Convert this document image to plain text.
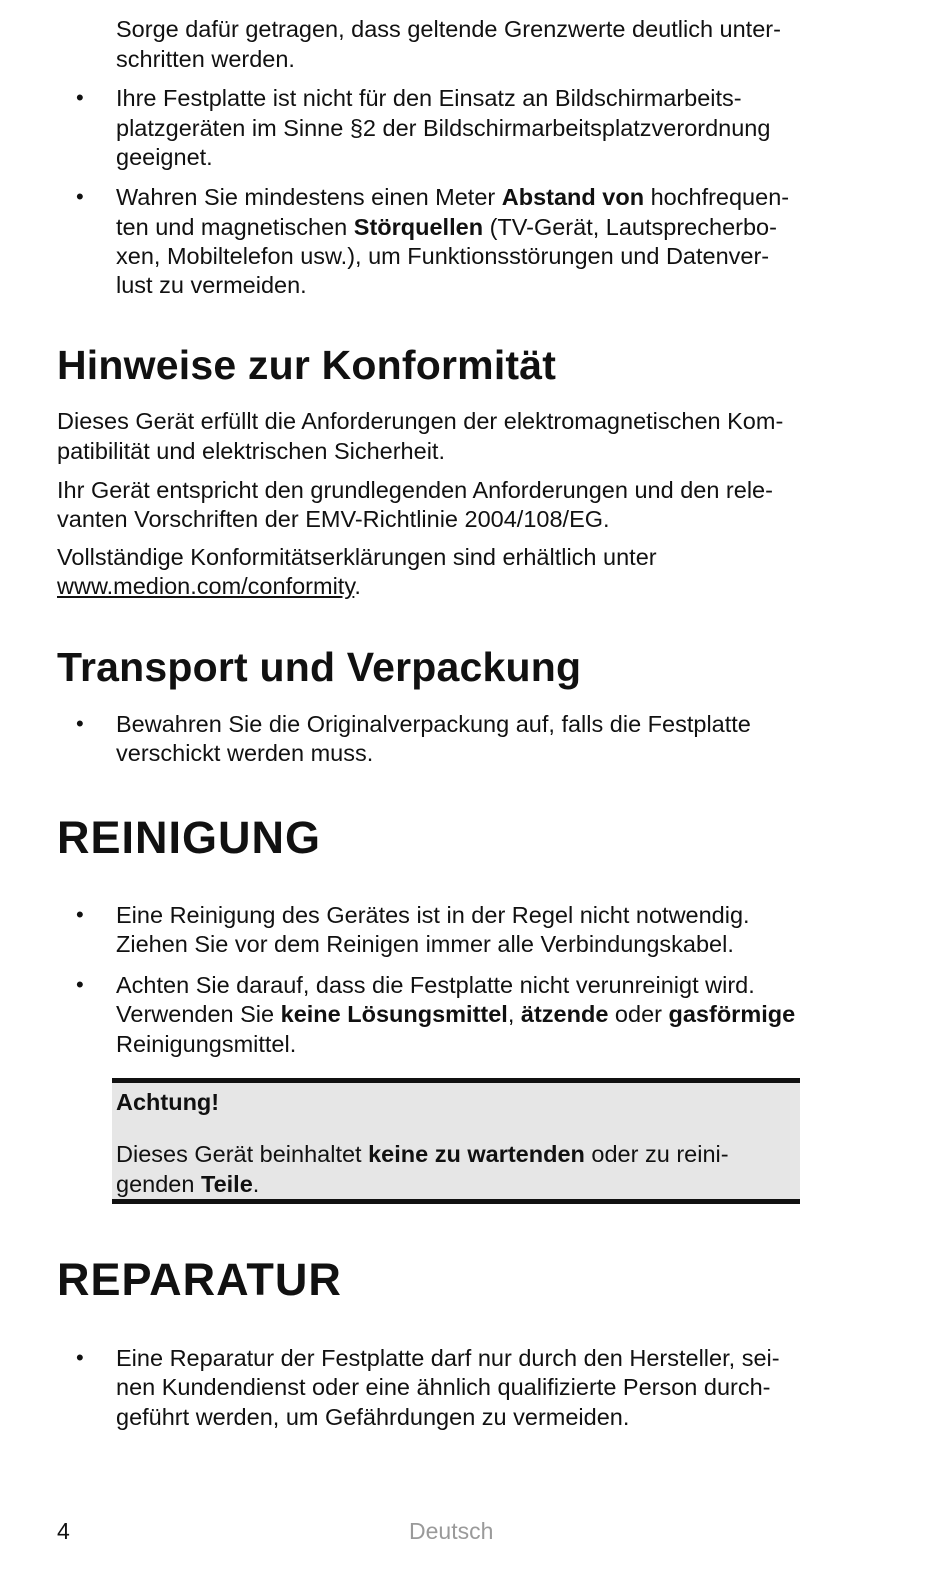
Sorge dafür getragen, dass geltende Grenzwerte deutlich unter-
schritten werden.
• Ihre Festplatte ist nicht für den Einsatz an Bildschirmarbeits-
platzgeräten im Sinne §2 der Bildschirmarbeitsplatzverordnung
geeignet.
• Wahren Sie mindestens einen Meter Abstand von hochfrequen-
ten und magnetischen Störquellen (TV-Gerät, Lautsprecherbo-
xen, Mobiltelefon usw.), um Funktionsstörungen und Datenver-
lust zu vermeiden.
Hinweise zur Konformität
Dieses Gerät erfüllt die Anforderungen der elektromagnetischen Kom-
patibilität und elektrischen Sicherheit.
Ihr Gerät entspricht den grundlegenden Anforderungen und den rele-
vanten Vorschriften der EMV-Richtlinie 2004/108/EG.
Vollständige Konformitätserklärungen sind erhältlich unter
www.medion.com/conformity.
Transport und Verpackung
• Bewahren Sie die Originalverpackung auf, falls die Festplatte
verschickt werden muss.
REINIGUNG
• Eine Reinigung des Gerätes ist in der Regel nicht notwendig.
Ziehen Sie vor dem Reinigen immer alle Verbindungskabel.
• Achten Sie darauf, dass die Festplatte nicht verunreinigt wird.
Verwenden Sie keine Lösungsmittel, ätzende oder gasförmige
Reinigungsmittel.
Achtung!
Dieses Gerät beinhaltet keine zu wartenden oder zu reini-
genden Teile.
REPARATUR
• Eine Reparatur der Festplatte darf nur durch den Hersteller, sei-
nen Kundendienst oder eine ähnlich qualifizierte Person durch-
geführt werden, um Gefährdungen zu vermeiden.
4	Deutsch
